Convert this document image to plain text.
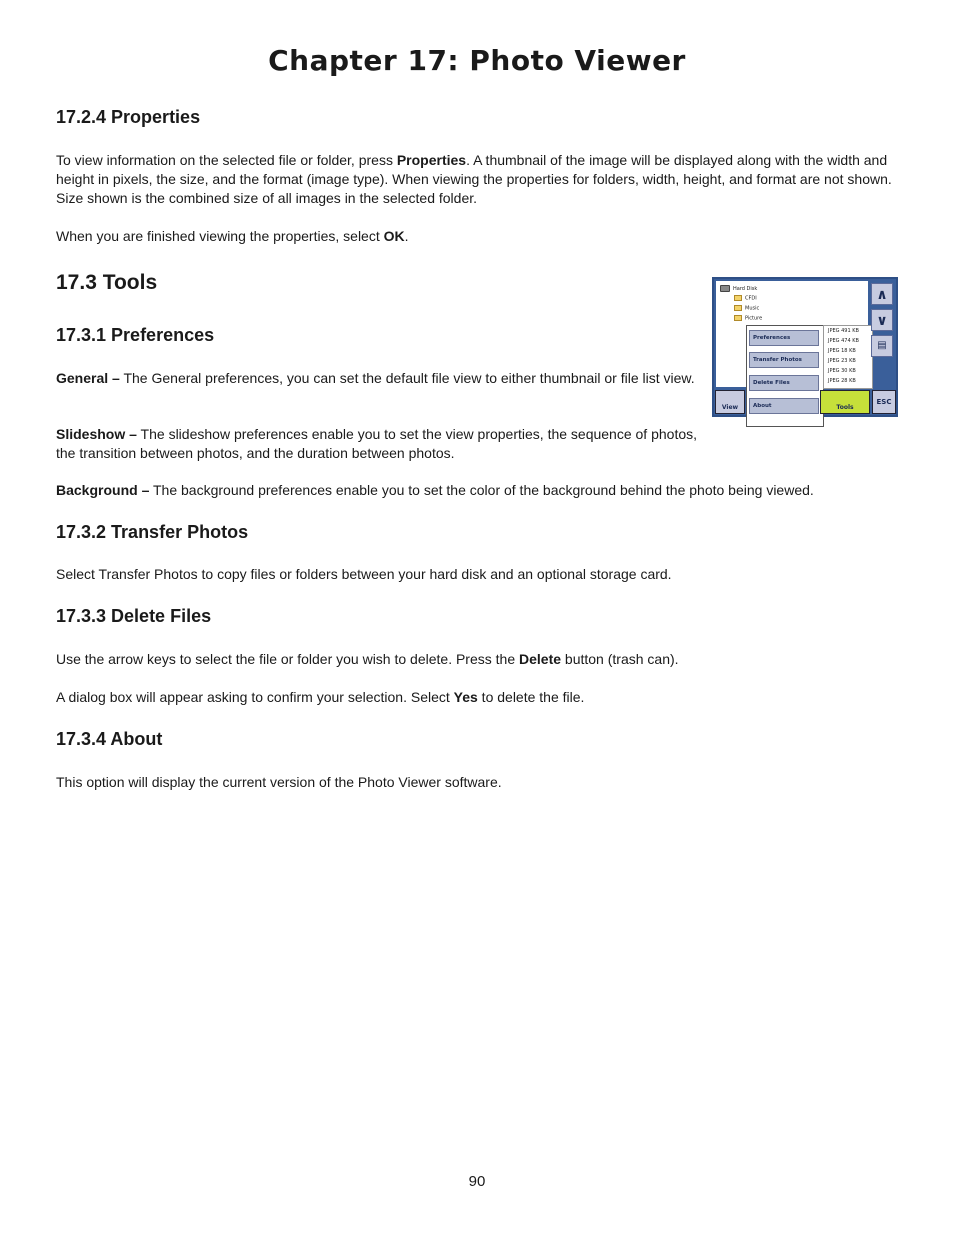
Chapter 17: Photo Viewer
17.2.4 Properties

To view information on the selected file or folder, press Properties. A thumbnail of the image will be displayed along with the width and height in pixels, the size, and the format (image type). When viewing the properties for folders, width, height, and format are not shown. Size shown is the combined size of all images in the selected folder.

When you are finished viewing the properties, select OK.

17.3 Tools	Hard Disk
CFDI
Music
Picture
Preferences
Transfer Photos
Delete Files
About
JPEG 491 KB
JPEG 474 KB
JPEG 18 KB
JPEG 23 KB
JPEG 30 KB
JPEG 28 KB
∧
∨
▤
View	Tools
ESC
17.3.1 Preferences

General – The General preferences, you can set the default file view to either thumbnail or file list view.

Slideshow – The slideshow preferences enable you to set the view properties, the sequence of photos, the transition between photos, and the duration between photos.

Background – The background preferences enable you to set the color of the background behind the photo being viewed.

17.3.2 Transfer Photos

Select Transfer Photos to copy files or folders between your hard disk and an optional storage card.

17.3.3 Delete Files

Use the arrow keys to select the file or folder you wish to delete. Press the Delete button (trash can).

A dialog box will appear asking to confirm your selection. Select Yes to delete the file.

17.3.4 About

This option will display the current version of the Photo Viewer software.

90
